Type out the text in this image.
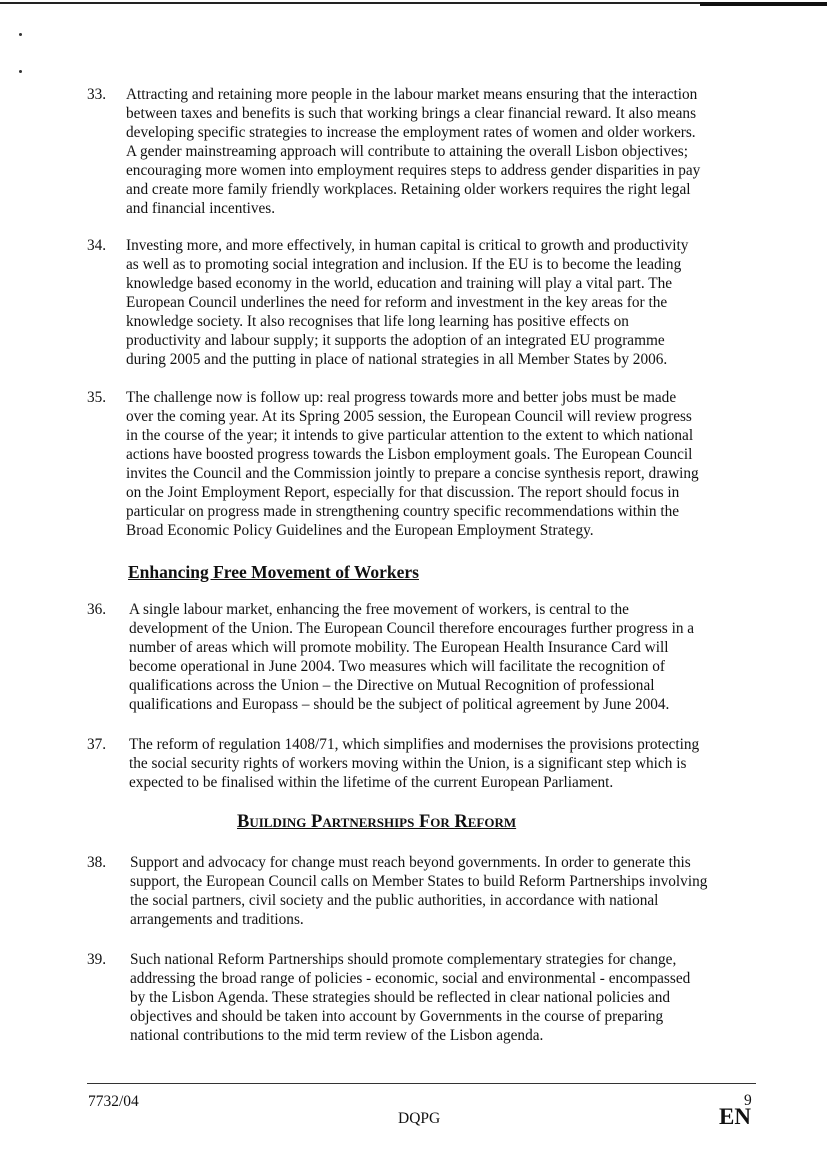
33. Attracting and retaining more people in the labour market means ensuring that the interaction
between taxes and benefits is such that working brings a clear financial reward. It also means
developing specific strategies to increase the employment rates of women and older workers.
A gender mainstreaming approach will contribute to attaining the overall Lisbon objectives;
encouraging more women into employment requires steps to address gender disparities in pay
and create more family friendly workplaces. Retaining older workers requires the right legal
and financial incentives.
34. Investing more, and more effectively, in human capital is critical to growth and productivity
as well as to promoting social integration and inclusion. If the EU is to become the leading
knowledge based economy in the world, education and training will play a vital part. The
European Council underlines the need for reform and investment in the key areas for the
knowledge society. It also recognises that life long learning has positive effects on
productivity and labour supply; it supports the adoption of an integrated EU programme
during 2005 and the putting in place of national strategies in all Member States by 2006.
35. The challenge now is follow up: real progress towards more and better jobs must be made
over the coming year. At its Spring 2005 session, the European Council will review progress
in the course of the year; it intends to give particular attention to the extent to which national
actions have boosted progress towards the Lisbon employment goals. The European Council
invites the Council and the Commission jointly to prepare a concise synthesis report, drawing
on the Joint Employment Report, especially for that discussion. The report should focus in
particular on progress made in strengthening country specific recommendations within the
Broad Economic Policy Guidelines and the European Employment Strategy.
Enhancing Free Movement of Workers
36. A single labour market, enhancing the free movement of workers, is central to the
development of the Union. The European Council therefore encourages further progress in a
number of areas which will promote mobility. The European Health Insurance Card will
become operational in June 2004. Two measures which will facilitate the recognition of
qualifications across the Union – the Directive on Mutual Recognition of professional
qualifications and Europass – should be the subject of political agreement by June 2004.
37. The reform of regulation 1408/71, which simplifies and modernises the provisions protecting
the social security rights of workers moving within the Union, is a significant step which is
expected to be finalised within the lifetime of the current European Parliament.
Building Partnerships For Reform
38. Support and advocacy for change must reach beyond governments. In order to generate this
support, the European Council calls on Member States to build Reform Partnerships involving
the social partners, civil society and the public authorities, in accordance with national
arrangements and traditions.
39. Such national Reform Partnerships should promote complementary strategies for change,
addressing the broad range of policies - economic, social and environmental - encompassed
by the Lisbon Agenda. These strategies should be reflected in clear national policies and
objectives and should be taken into account by Governments in the course of preparing
national contributions to the mid term review of the Lisbon agenda.
7732/04	9
DQPG	EN
